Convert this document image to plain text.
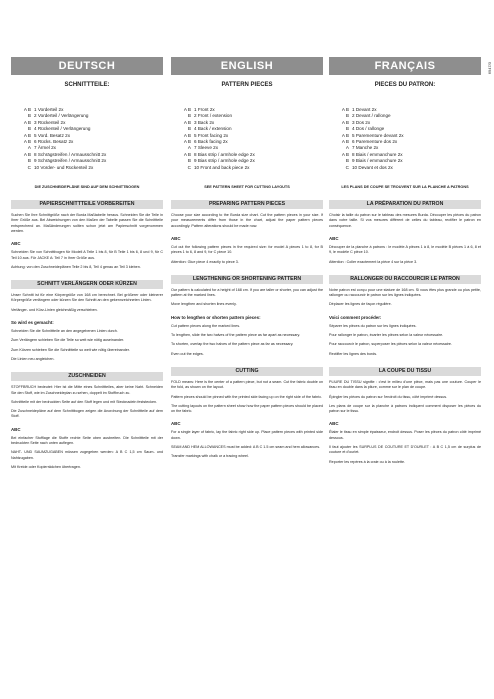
6947/3
DEUTSCH
SCHNITTTEILE:
A B 1 Vorderteil 2x
B 2 Vorderteil / Verlängerung
A B 3 Rückenteil 2x
B 4 Rückenteil / Verlängerung
A B 5 Vord. Besatz 2x
A B 6 Rücks. Besatz 2x
A 7 Ärmel 2x
A B 8 Schrägstreifen / Armausschnitt 2x
B 9 Schrägstreifen / Armausschnitt 2x
C 10 Vorder- und Rückenteil 2x
DIE ZUSCHNEIDEPLÄNE SIND AUF DEM SCHNITTBOGEN
PAPIERSCHNITTTEILE VORBEREITEN
Suchen Sie Ihre Schnittgröße nach der Burda Maßtabelle heraus. Schneiden Sie die Teile in Ihrer Größe aus. Bei Abweichungen von den Maßen der Tabelle passen Sie die Schnittteile entsprechend an. Maßänderungen sollten schon jetzt am Papierschnitt vorgenommen werden.
ABC
Schneiden Sie von Schnittbogen für Modell A Teile 1 bis 8, für B Teile 1 bis 6, 8 und 9, für C Teil 10 aus. Für JACKE A: Teil 7 in Ihrer Größe aus.
Achtung: von den Zuschneideplänen Teile 2 bis 8, Teil 4 genau an Teil 3 kleben.
SCHNITT VERLÄNGERN ODER KÜRZEN
Unser Schnitt ist für eine Körpergröße von 168 cm berechnet. Bei größerer oder kleinerer Körpergröße verlängern oder kürzen Sie den Schnitt an den gekennzeichneten Linien.
Verlänger- und Kürz-Linien gleichmäßig verschieben.
So wird es gemacht:
Schneiden Sie die Schnittteile an den angegebenen Linien durch.
Zum Verlängern schieben Sie die Teile so weit wie nötig auseinander.
Zum Kürzen schieben Sie die Schnittteile so weit wie nötig übereinander.
Die Linien neu angleichen.
ZUSCHNEIDEN
STOFFBRUCH bedeutet: Hier ist die Mitte eines Schnittteiles, aber keine Naht. Schneiden Sie den Stoff, wie im Zuschneideplan zu sehen, doppelt im Stoffbruch zu.
Schnittteile mit der bedruckten Seite auf den Stoff legen und mit Stecknadeln feststecken.
Die Zuschneidepläne auf dem Schnittbogen zeigen die Anordnung der Schnittteile auf dem Stoff.
ABC
Bei einfacher Stofflage die Stoffe rechte Seite oben ausbreiten. Die Schnittteile mit der bedruckten Seite nach unten auflegen.
NAHT- UND SAUMZUGABEN müssen zugegeben werden: A B C 1,5 cm Saum- und Nahtzugaben.
Mit Kreide oder Kopierrädchen übertragen.
ENGLISH
PATTERN PIECES
A B 1 Front 2x
B 2 Front / extension
A B 3 Back 2x
B 4 Back / extension
A B 5 Front facing 2x
A B 6 Back facing 2x
A 7 Sleeve 2x
A B 8 Bias strip / armhole edge 2x
B 9 Bias strip / armhole edge 2x
C 10 Front and back piece 2x
SEE PATTERN SHEET FOR CUTTING LAYOUTS
PREPARING PATTERN PIECES
Choose your size according to the Burda size chart. Cut the pattern pieces in your size. If your measurements differ from those in the chart, adjust the paper pattern pieces accordingly. Pattern alterations should be made now.
ABC
Cut out the following pattern pieces in the required size: for model A pieces 1 to 8, for B pieces 1 to 6, 8 and 9, for C piece 10.
Attention: Glue piece 4 exactly to piece 3.
LENGTHENING OR SHORTENING PATTERN
Our pattern is calculated for a height of 168 cm. If you are taller or shorter, you can adjust the pattern at the marked lines.
Move lengthen and shorten lines evenly.
How to lengthen or shorten pattern pieces:
Cut pattern pieces along the marked lines.
To lengthen, slide the two halves of the pattern piece as far apart as necessary.
To shorten, overlap the two halves of the pattern piece as far as necessary.
Even out the edges.
CUTTING
FOLD means: Here is the center of a pattern piece, but not a seam. Cut the fabric double on the fold, as shown on the layout.
Pattern pieces should be pinned with the printed side facing up on the right side of the fabric.
The cutting layouts on the pattern sheet show how the paper pattern pieces should be placed on the fabric.
ABC
For a single layer of fabric, lay the fabric right side up. Place pattern pieces with printed side down.
SEAM AND HEM ALLOWANCES must be added: A B C 1.5 cm seam and hem allowances.
Transfer markings with chalk or a tracing wheel.
FRANÇAIS
PIECES DU PATRON:
A B 1 Devant 2x
B 2 Devant / rallonge
A B 3 Dos 2x
B 4 Dos / rallonge
A B 5 Parementure devant 2x
A B 6 Parementure dos 2x
A 7 Manche 2x
A B 8 Biais / emmanchure 2x
B 9 Biais / emmanchure 2x
C 10 Devant et dos 2x
LES PLANS DE COUPE SE TROUVENT SUR LA PLANCHE A PATRONS
LA PRÉPARATION DU PATRON
Choisir la taille du patron sur le tableau des mesures Burda. Découper les pièces du patron dans votre taille. Si vos mesures diffèrent de celles du tableau, rectifier le patron en conséquence.
ABC
Découper de la planche à patrons : le modèle A pièces 1 à 8, le modèle B pièces 1 à 6, 8 et 9, le modèle C pièce 10.
Attention : Coller exactement la pièce 4 sur la pièce 3.
RALLONGER OU RACCOURCIR LE PATRON
Notre patron est conçu pour une stature de 168 cm. Si vous êtes plus grande ou plus petite, rallonger ou raccourcir le patron sur les lignes indiquées.
Déplacer les lignes de façon régulière.
Voici comment procéder:
Séparer les pièces du patron sur les lignes indiquées.
Pour rallonger le patron, écarter les pièces selon la valeur nécessaire.
Pour raccourcir le patron, superposer les pièces selon la valeur nécessaire.
Rectifier les lignes des bords.
LA COUPE DU TISSU
PLIURE DU TISSU signifie : c'est le milieu d'une pièce, mais pas une couture. Couper le tissu en double dans la pliure, comme sur le plan de coupe.
Épingler les pièces du patron sur l'endroit du tissu, côté imprimé dessus.
Les plans de coupe sur la planche à patrons indiquent comment disposer les pièces du patron sur le tissu.
ABC
Étaler le tissu en simple épaisseur, endroit dessus. Poser les pièces du patron côté imprimé dessous.
Il faut ajouter les SURPLUS DE COUTURE ET D'OURLET : A B C 1,5 cm de surplus de couture et d'ourlet.
Reporter les repères à la craie ou à la roulette.
